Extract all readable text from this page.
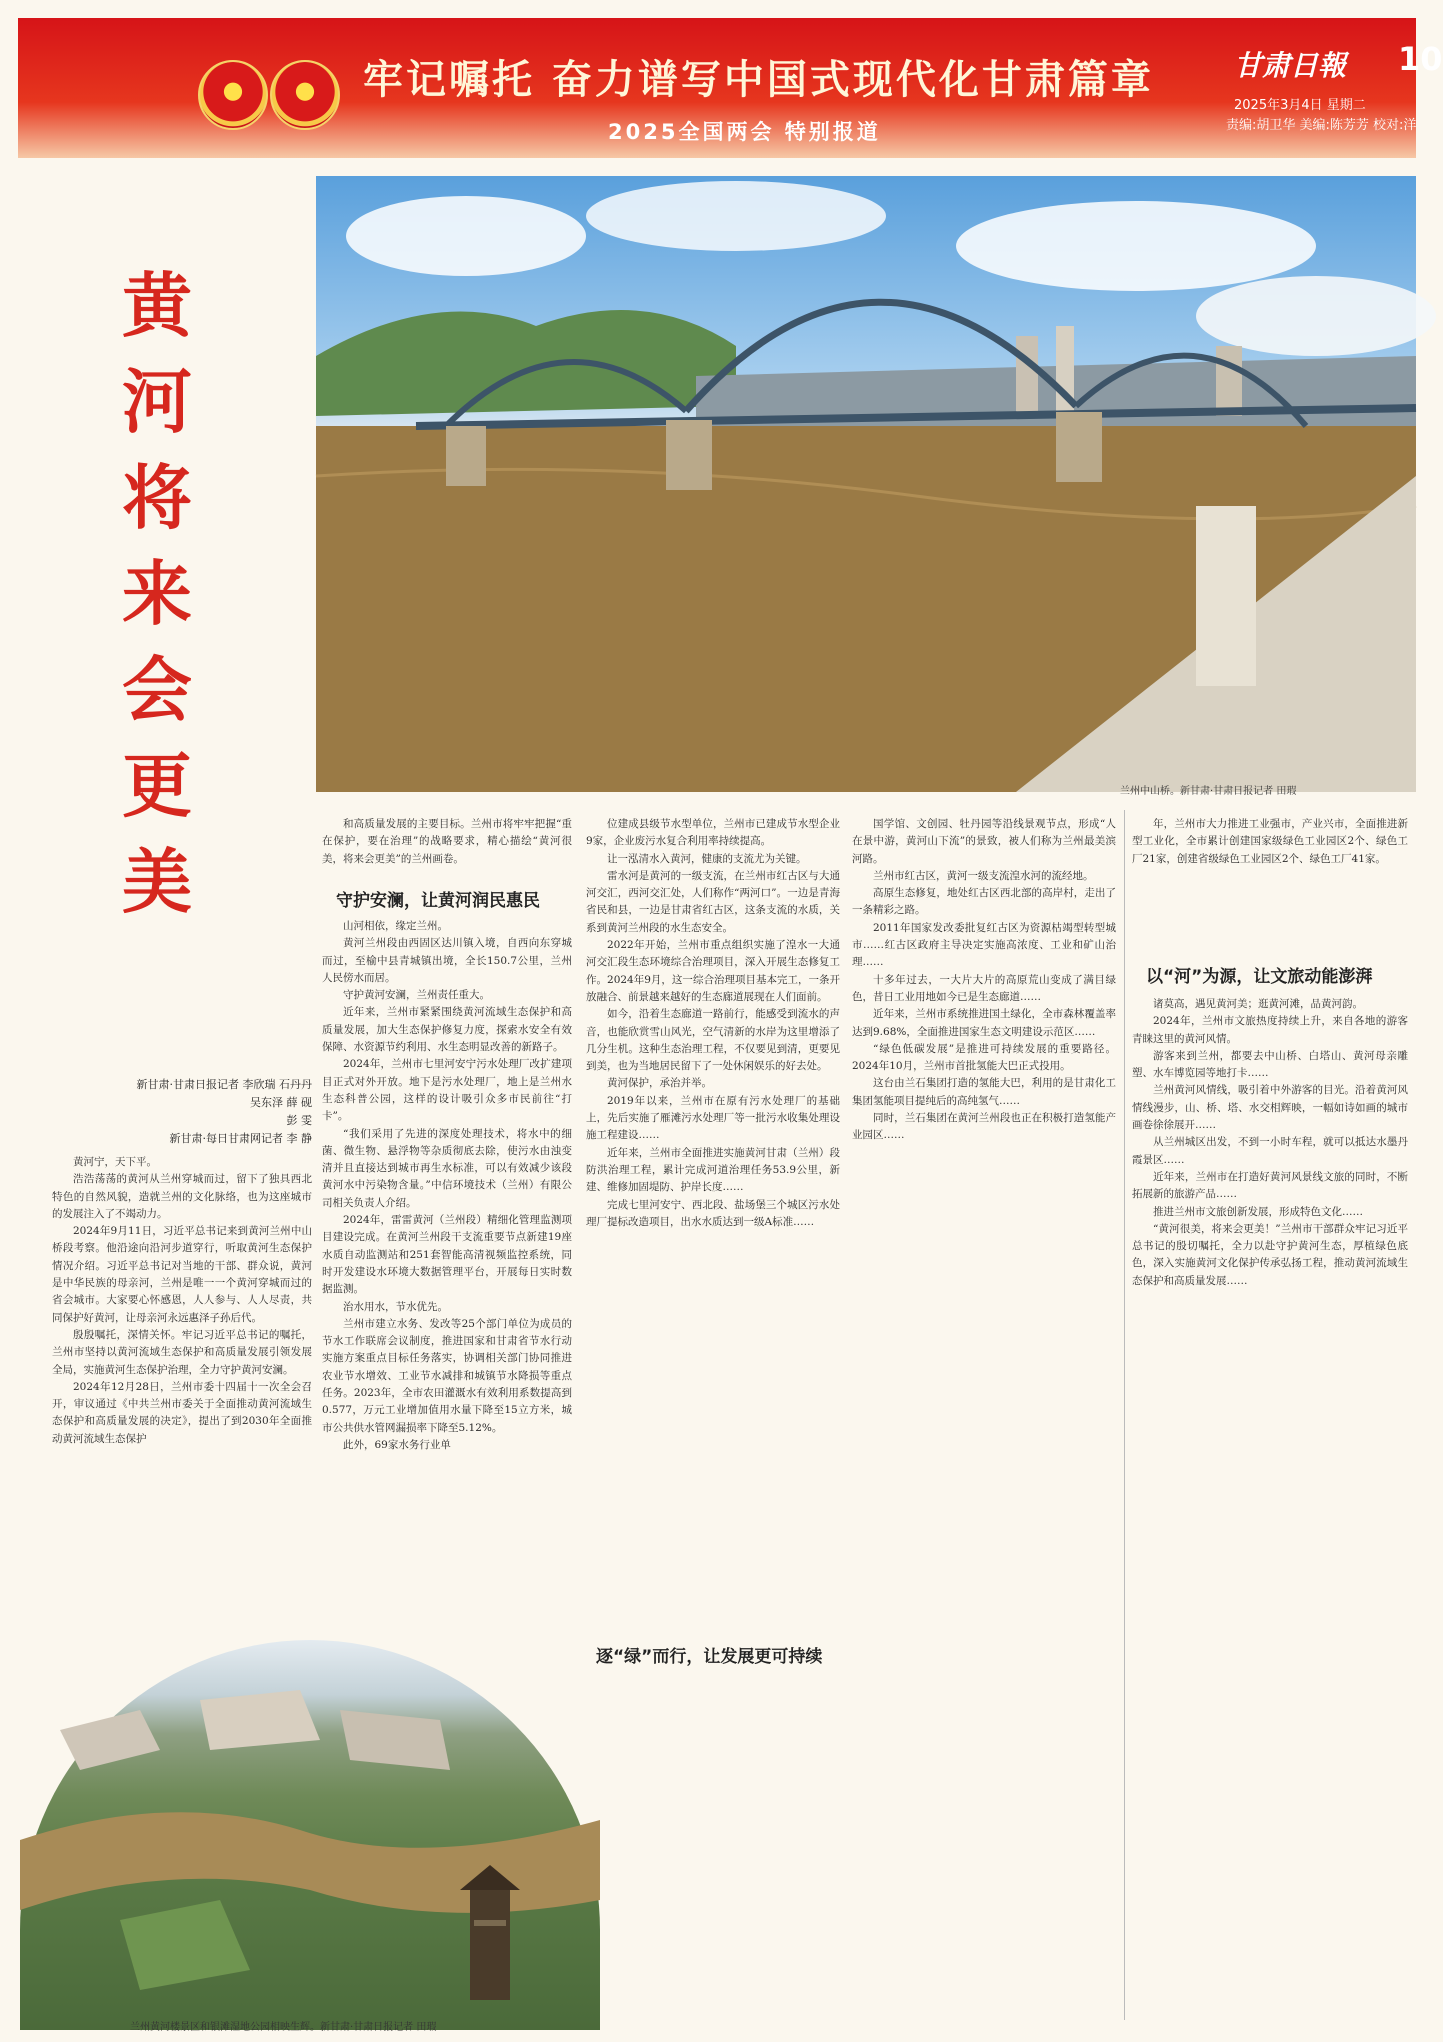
牢记嘱托 奋力谱写中国式现代化甘肃篇章
2025全国两会 特别报道
甘肃日報 10
2025年3月4日 星期二
责编:胡卫华 美编:陈芳芳 校对:洋
黄河将来会更美
兰州中山桥。新甘肃·甘肃日报记者 田瑕
新甘肃·甘肃日报记者 李欣瑞 石丹丹
吴东泽 薛 砚
彭 雯
新甘肃·每日甘肃网记者 李 静

黄河宁，天下平。

浩浩荡荡的黄河从兰州穿城而过，留下了独具西北特色的自然风貌，造就兰州的文化脉络，也为这座城市的发展注入了不竭动力。

2024年9月11日，习近平总书记来到黄河兰州中山桥段考察。他沿途向沿河步道穿行，听取黄河生态保护情况介绍。习近平总书记对当地的干部、群众说，黄河是中华民族的母亲河，兰州是唯一一个黄河穿城而过的省会城市。大家要心怀感恩，人人参与、人人尽责，共同保护好黄河，让母亲河永远惠泽子孙后代。

殷殷嘱托，深情关怀。牢记习近平总书记的嘱托，兰州市坚持以黄河流域生态保护和高质量发展引领发展全局，实施黄河生态保护治理，全力守护黄河安澜。

2024年12月28日，兰州市委十四届十一次全会召开，审议通过《中共兰州市委关于全面推动黄河流域生态保护和高质量发展的决定》，提出了到2030年全面推动黄河流域生态保护

和高质量发展的主要目标。兰州市将牢牢把握“重在保护，要在治理”的战略要求，精心描绘“黄河很美，将来会更美”的兰州画卷。

守护安澜，让黄河润民惠民

山河相依，缘定兰州。

黄河兰州段由西固区达川镇入境，自西向东穿城而过，至榆中县青城镇出境，全长150.7公里，兰州人民傍水而居。

守护黄河安澜，兰州责任重大。

近年来，兰州市紧紧围绕黄河流域生态保护和高质量发展，加大生态保护修复力度，探索水安全有效保障、水资源节约利用、水生态明显改善的新路子。

2024年，兰州市七里河安宁污水处理厂改扩建项目正式对外开放。地下是污水处理厂，地上是兰州水生态科普公园，这样的设计吸引众多市民前往“打卡”。

“我们采用了先进的深度处理技术，将水中的细菌、微生物、悬浮物等杂质彻底去除，使污水由浊变清并且直接达到城市再生水标准，可以有效减少该段黄河水中污染物含量。”中信环境技术（兰州）有限公司相关负责人介绍。

2024年，雷雷黄河（兰州段）精细化管理监测项目建设完成。在黄河兰州段干支流重要节点新建19座水质自动监测站和251套智能高清视频监控系统，同时开发建设水环境大数据管理平台，开展每日实时数据监测。

治水用水，节水优先。

兰州市建立水务、发改等25个部门单位为成员的节水工作联席会议制度，推进国家和甘肃省节水行动实施方案重点目标任务落实，协调相关部门协同推进农业节水增效、工业节水减排和城镇节水降损等重点任务。2023年，全市农田灌溉水有效利用系数提高到0.577，万元工业增加值用水量下降至15立方米，城市公共供水管网漏损率下降至5.12%。

此外，69家水务行业单

位建成县级节水型单位，兰州市已建成节水型企业9家，企业废污水复合利用率持续提高。

让一泓清水入黄河，健康的支流尤为关键。

雷水河是黄河的一级支流，在兰州市红古区与大通河交汇，西河交汇处，人们称作“两河口”。一边是青海省民和县，一边是甘肃省红古区，这条支流的水质，关系到黄河兰州段的水生态安全。

2022年开始，兰州市重点组织实施了湟水一大通河交汇段生态环境综合治理项目，深入开展生态修复工作。2024年9月，这一综合治理项目基本完工，一条开放融合、前景越来越好的生态廊道展现在人们面前。

如今，沿着生态廊道一路前行，能感受到流水的声音，也能欣赏雪山风光，空气清新的水岸为这里增添了几分生机。这种生态治理工程，不仅要见到清，更要见到美，也为当地居民留下了一处休闲娱乐的好去处。

黄河保护，承治并举。

2019年以来，兰州市在原有污水处理厂的基础上，先后实施了雁滩污水处理厂等一批污水收集处理设施工程建设……

近年来，兰州市全面推进实施黄河甘肃（兰州）段防洪治理工程，累计完成河道治理任务53.9公里，新建、维修加固堤防、护岸长度……

完成七里河安宁、西北段、盐场堡三个城区污水处理厂提标改造项目，出水水质达到一级A标准……

逐“绿”而行，让发展更可持续

国学馆、文创园、牡丹园等沿线景观节点，形成“人在景中游，黄河山下流”的景致，被人们称为兰州最美滨河路。

兰州市红古区，黄河一级支流湟水河的流经地。

高原生态修复，地处红古区西北部的高岸村，走出了一条精彩之路。

2011年国家发改委批复红古区为资源枯竭型转型城市……红古区政府主导决定实施高浓度、工业和矿山治理……

十多年过去，一大片大片的高原荒山变成了满目绿色，昔日工业用地如今已是生态廊道……

近年来，兰州市系统推进国土绿化，全市森林覆盖率达到9.68%，全面推进国家生态文明建设示范区……

“绿色低碳发展”是推进可持续发展的重要路径。2024年10月，兰州市首批氢能大巴正式投用。

这台由兰石集团打造的氢能大巴，利用的是甘肃化工集团氢能项目提纯后的高纯氢气……

同时，兰石集团在黄河兰州段也正在积极打造氢能产业园区……

年，兰州市大力推进工业强市，产业兴市，全面推进新型工业化，全市累计创建国家级绿色工业园区2个、绿色工厂21家，创建省级绿色工业园区2个、绿色工厂41家。

以“河”为源，让文旅动能澎湃

诸莫高，遇见黄河美；逛黄河滩，品黄河韵。

2024年，兰州市文旅热度持续上升，来自各地的游客青睐这里的黄河风情。

游客来到兰州，都要去中山桥、白塔山、黄河母亲雕塑、水车博览园等地打卡……

兰州黄河风情线，吸引着中外游客的目光。沿着黄河风情线漫步，山、桥、塔、水交相辉映，一幅如诗如画的城市画卷徐徐展开……

从兰州城区出发，不到一小时车程，就可以抵达水墨丹霞景区……

近年来，兰州市在打造好黄河风景线文旅的同时，不断拓展新的旅游产品……

推进兰州市文旅创新发展，形成特色文化……

“黄河很美，将来会更美！”兰州市干部群众牢记习近平总书记的殷切嘱托，全力以赴守护黄河生态，厚植绿色底色，深入实施黄河文化保护传承弘扬工程，推动黄河流域生态保护和高质量发展……

兰州黄河楼景区和银滩湿地公园相映生辉。新甘肃·甘肃日报记者 田瑕
